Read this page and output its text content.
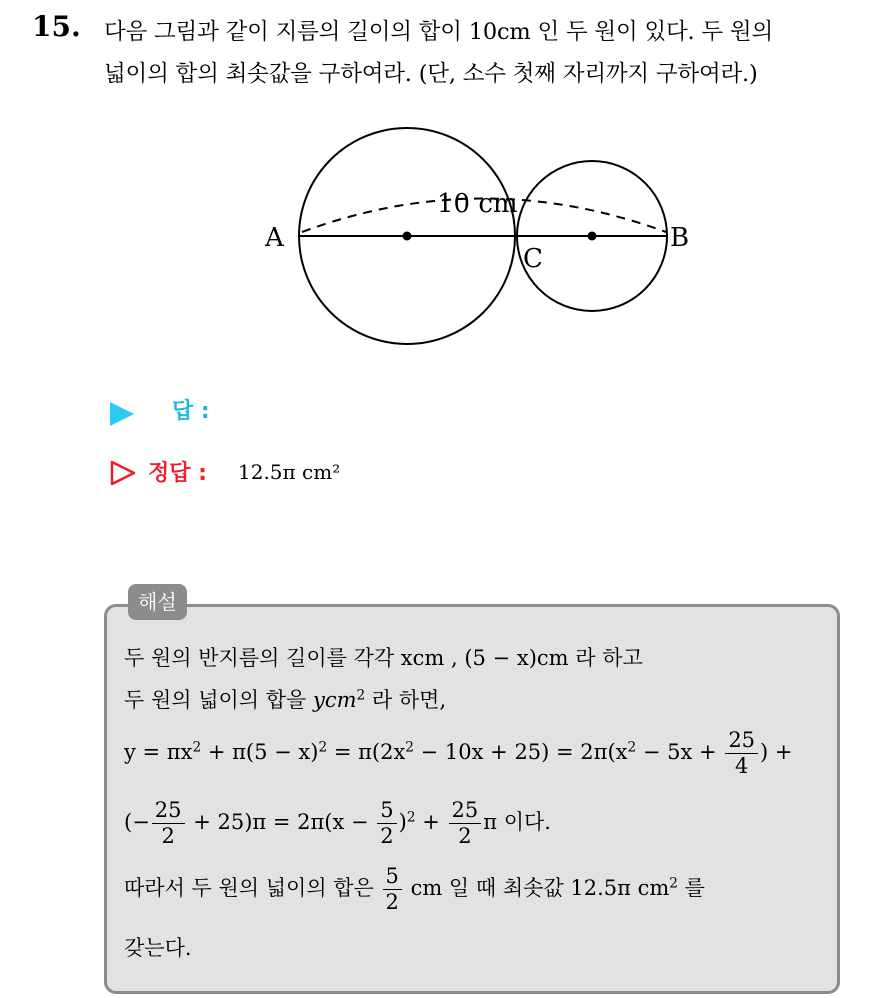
15. 다음 그림과 같이 지름의 길이의 합이 10cm 인 두 원이 있다. 두 원의
넓이의 합의 최솟값을 구하여라. (단, 소수 첫째 자리까지 구하여라.)
A	B
C
10 cm
답 :
정답 : 12.5π cm²
해설
두 원의 반지름의 길이를 각각 xcm , (5 − x)cm 라 하고
두 원의 넓이의 합을 ycm$^2$ 라 하면,
$y = \pi x^2 + \pi(5 - x)^2 = \pi(2x^2 - 10x + 25) = 2\pi(x^2 - 5x + \frac{25}{4}$ ) +
(− $\frac{25}{2} + 25)\pi = 2\pi(x - \frac{5}{2} )^2 + \frac{25}{2}$ π 이다.
따라서 두 원의 넓이의 합은 $\frac{5}{2}$ cm 일 때 최솟값 12.5π $cm^2$ 를
갖는다.
